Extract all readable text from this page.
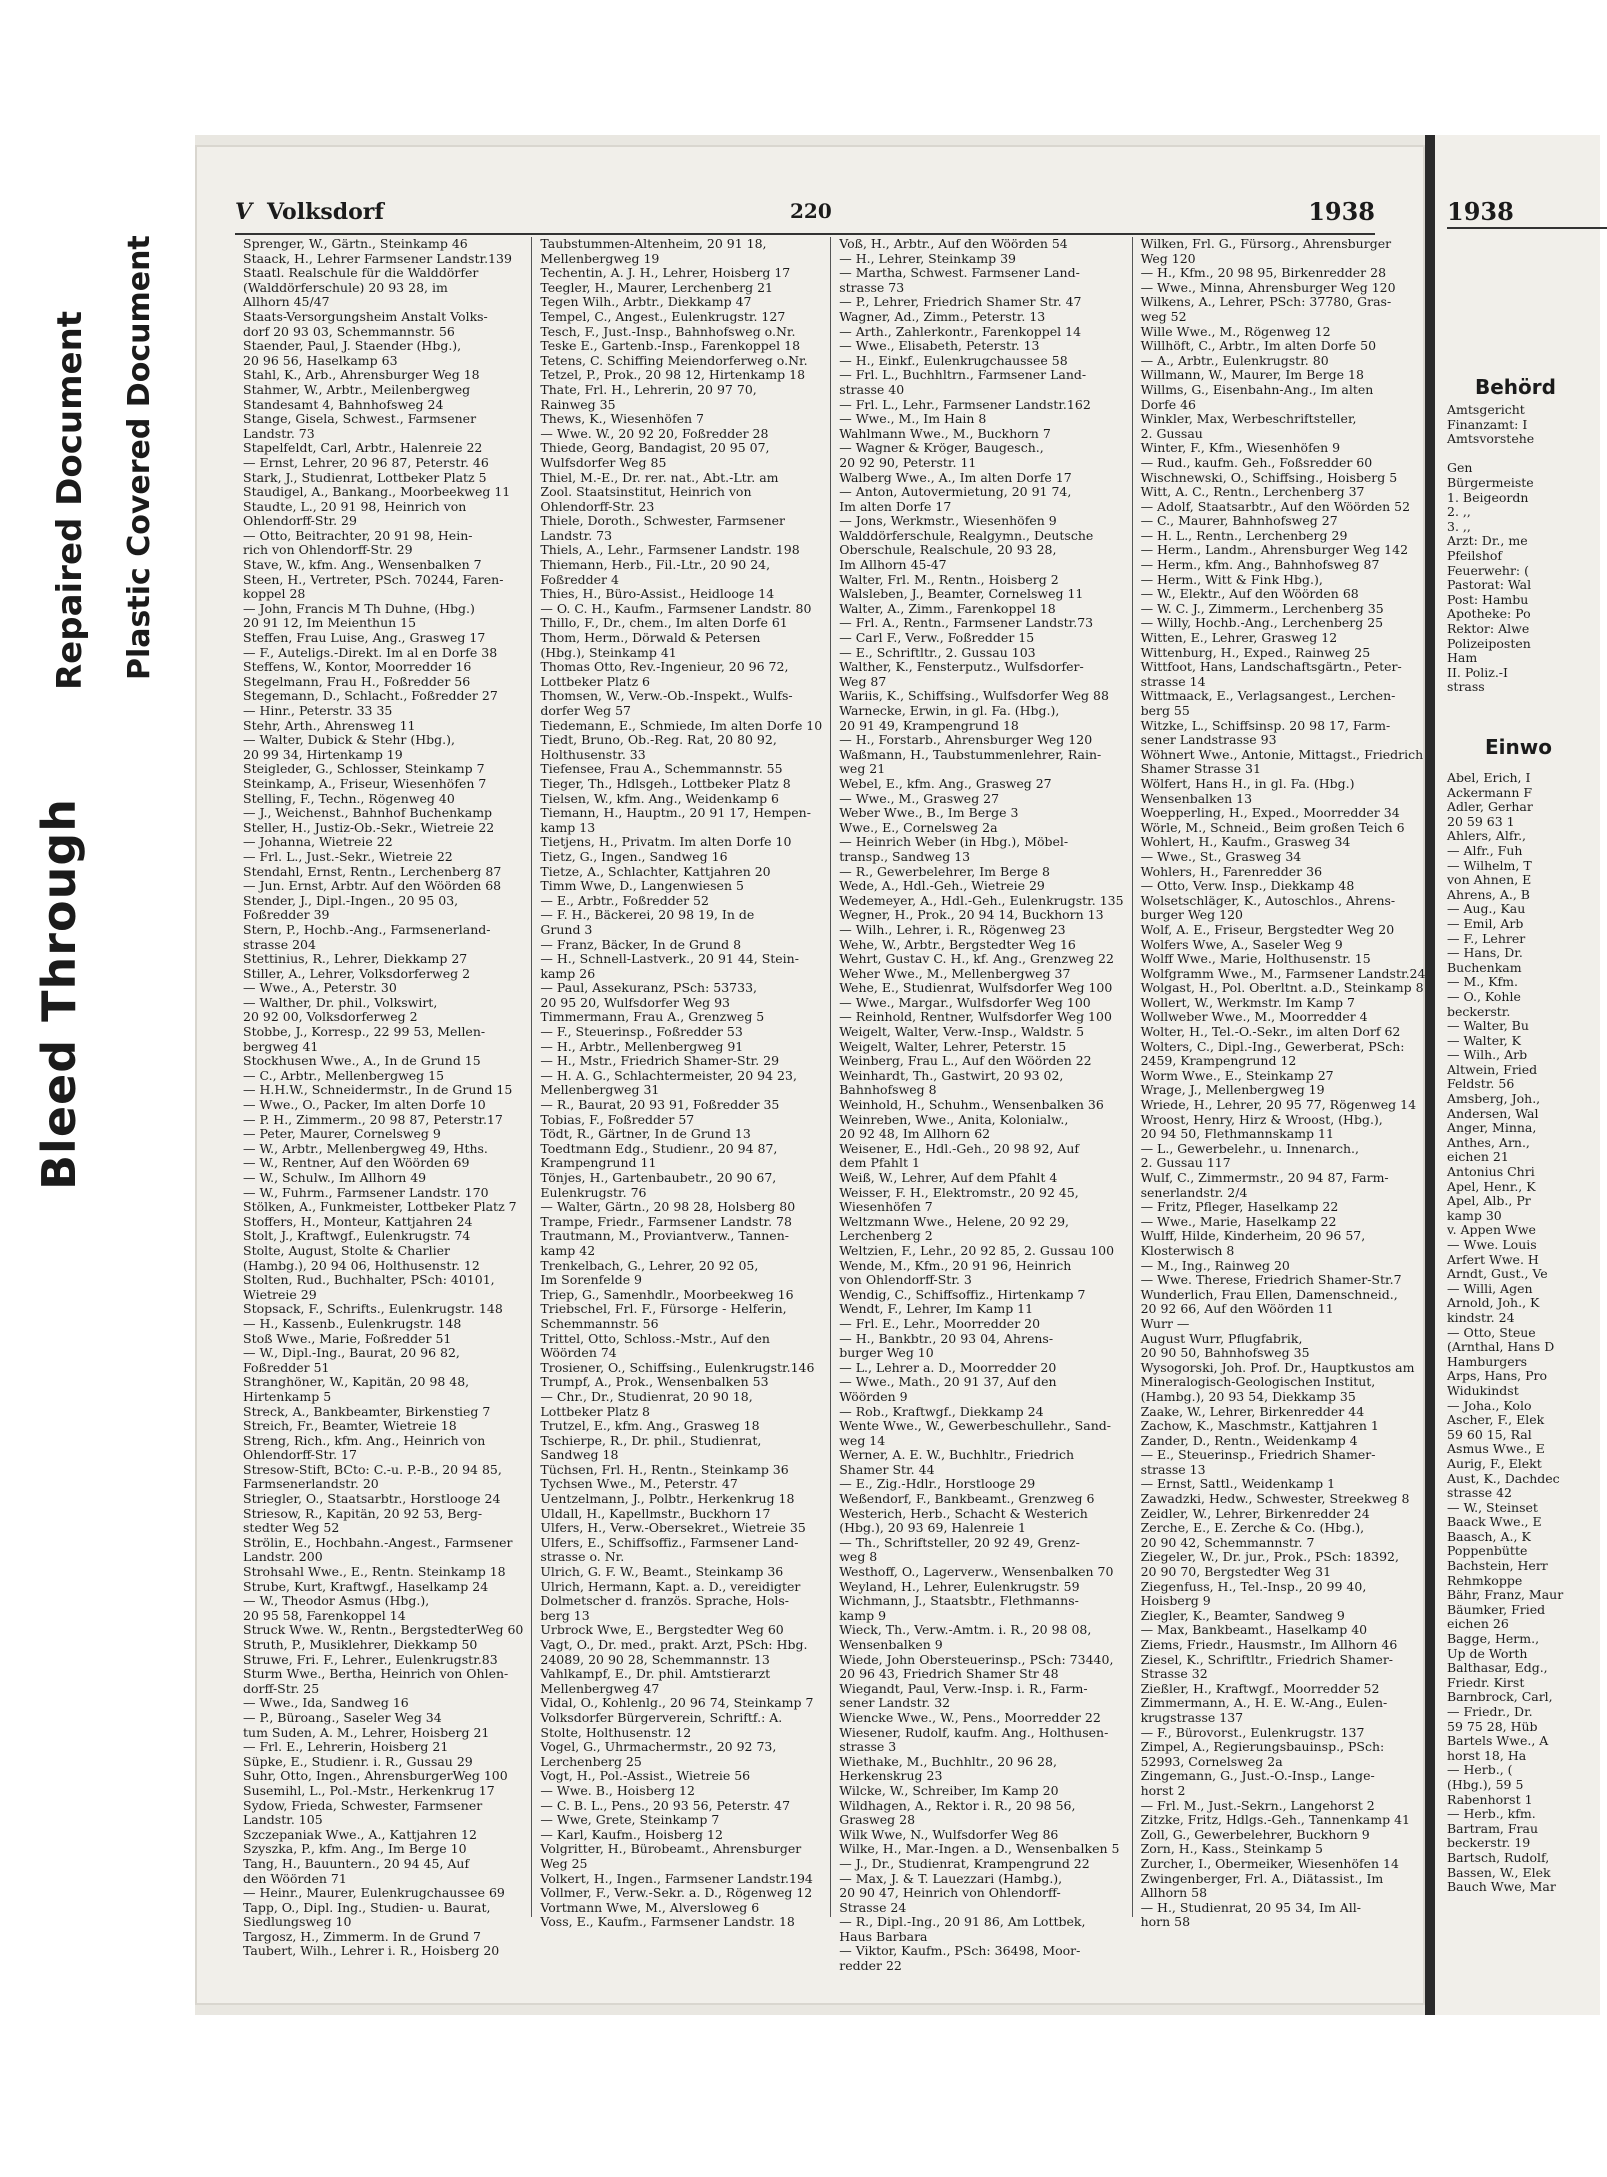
Bleed Through
Repaired Document Plastic Covered Document
V Volksdorf	220	1938
Sprenger, W., Gärtn., Steinkamp 46
Staack, H., Lehrer Farmsener Landstr.139
Staatl. Realschule für die Walddörfer
(Walddörferschule) 20 93 28, im
Allhorn 45/47
Staats-Versorgungsheim Anstalt Volks-
dorf 20 93 03, Schemmannstr. 56
Staender, Paul, J. Staender (Hbg.),
20 96 56, Haselkamp 63
Stahl, K., Arb., Ahrensburger Weg 18
Stahmer, W., Arbtr., Meilenbergweg
Standesamt 4, Bahnhofsweg 24
Stange, Gisela, Schwest., Farmsener
Landstr. 73
Stapelfeldt, Carl, Arbtr., Halenreie 22
— Ernst, Lehrer, 20 96 87, Peterstr. 46
Stark, J., Studienrat, Lottbeker Platz 5
Staudigel, A., Bankang., Moorbeekweg 11
Staudte, L., 20 91 98, Heinrich von
Ohlendorff-Str. 29
— Otto, Beitrachter, 20 91 98, Hein-
rich von Ohlendorff-Str. 29
Stave, W., kfm. Ang., Wensenbalken 7
Steen, H., Vertreter, PSch. 70244, Faren-
koppel 28
— John, Francis M Th Duhne, (Hbg.)
20 91 12, Im Meienthun 15
Steffen, Frau Luise, Ang., Grasweg 17
— F., Auteligs.-Direkt. Im al en Dorfe 38
Steffens, W., Kontor, Moorredder 16
Stegelmann, Frau H., Foßredder 56
Stegemann, D., Schlacht., Foßredder 27
— Hinr., Peterstr. 33 35
Stehr, Arth., Ahrensweg 11
— Walter, Dubick & Stehr (Hbg.),
20 99 34, Hirtenkamp 19
Steigleder, G., Schlosser, Steinkamp 7
Steinkamp, A., Friseur, Wiesenhöfen 7
Stelling, F., Techn., Rögenweg 40
— J., Weichenst., Bahnhof Buchenkamp
Steller, H., Justiz-Ob.-Sekr., Wietreie 22
— Johanna, Wietreie 22
— Frl. L., Just.-Sekr., Wietreie 22
Stendahl, Ernst, Rentn., Lerchenberg 87
— Jun. Ernst, Arbtr. Auf den Wöörden 68
Stender, J., Dipl.-Ingen., 20 95 03,
Foßredder 39
Stern, P., Hochb.-Ang., Farmsenerland-
strasse 204
Stettinius, R., Lehrer, Diekkamp 27
Stiller, A., Lehrer, Volksdorferweg 2
— Wwe., A., Peterstr. 30
— Walther, Dr. phil., Volkswirt,
20 92 00, Volksdorferweg 2
Stobbe, J., Korresp., 22 99 53, Mellen-
bergweg 41
Stockhusen Wwe., A., In de Grund 15
— C., Arbtr., Mellenbergweg 15
— H.H.W., Schneidermstr., In de Grund 15
— Wwe., O., Packer, Im alten Dorfe 10
— P. H., Zimmerm., 20 98 87, Peterstr.17
— Peter, Maurer, Cornelsweg 9
— W., Arbtr., Mellenbergweg 49, Hths.
— W., Rentner, Auf den Wöörden 69
— W., Schulw., Im Allhorn 49
— W., Fuhrm., Farmsener Landstr. 170
Stölken, A., Funkmeister, Lottbeker Platz 7
Stoffers, H., Monteur, Kattjahren 24
Stolt, J., Kraftwgf., Eulenkrugstr. 74
Stolte, August, Stolte & Charlier
(Hambg.), 20 94 06, Holthusenstr. 12
Stolten, Rud., Buchhalter, PSch: 40101,
Wietreie 29
Stopsack, F., Schrifts., Eulenkrugstr. 148
— H., Kassenb., Eulenkrugstr. 148
Stoß Wwe., Marie, Foßredder 51
— W., Dipl.-Ing., Baurat, 20 96 82,
Foßredder 51
Stranghöner, W., Kapitän, 20 98 48,
Hirtenkamp 5
Streck, A., Bankbeamter, Birkenstieg 7
Streich, Fr., Beamter, Wietreie 18
Streng, Rich., kfm. Ang., Heinrich von
Ohlendorff-Str. 17
Stresow-Stift, BCto: C.-u. P.-B., 20 94 85,
Farmsenerlandstr. 20
Striegler, O., Staatsarbtr., Horstlooge 24
Striesow, R., Kapitän, 20 92 53, Berg-
stedter Weg 52
Strölin, E., Hochbahn.-Angest., Farmsener
Landstr. 200
Strohsahl Wwe., E., Rentn. Steinkamp 18
Strube, Kurt, Kraftwgf., Haselkamp 24
— W., Theodor Asmus (Hbg.),
20 95 58, Farenkoppel 14
Struck Wwe. W., Rentn., BergstedterWeg 60
Struth, P., Musiklehrer, Diekkamp 50
Struwe, Fri. F., Lehrer., Eulenkrugstr.83
Sturm Wwe., Bertha, Heinrich von Ohlen-
dorff-Str. 25
— Wwe., Ida, Sandweg 16
— P., Büroang., Saseler Weg 34
tum Suden, A. M., Lehrer, Hoisberg 21
— Frl. E., Lehrerin, Hoisberg 21
Süpke, E., Studienr. i. R., Gussau 29
Suhr, Otto, Ingen., AhrensburgerWeg 100
Susemihl, L., Pol.-Mstr., Herkenkrug 17
Sydow, Frieda, Schwester, Farmsener
Landstr. 105
Szczepaniak Wwe., A., Kattjahren 12
Szyszka, P., kfm. Ang., Im Berge 10
Tang, H., Bauuntern., 20 94 45, Auf
den Wöörden 71
— Heinr., Maurer, Eulenkrugchaussee 69
Tapp, O., Dipl. Ing., Studien- u. Baurat,
Siedlungsweg 10
Targosz, H., Zimmerm. In de Grund 7
Taubert, Wilh., Lehrer i. R., Hoisberg 20
Taubstummen-Altenheim, 20 91 18,
Mellenbergweg 19
Techentin, A. J. H., Lehrer, Hoisberg 17
Teegler, H., Maurer, Lerchenberg 21
Tegen Wilh., Arbtr., Diekkamp 47
Tempel, C., Angest., Eulenkrugstr. 127
Tesch, F., Just.-Insp., Bahnhofsweg o.Nr.
Teske E., Gartenb.-Insp., Farenkoppel 18
Tetens, C. Schiffing Meiendorferweg o.Nr.
Tetzel, P., Prok., 20 98 12, Hirtenkamp 18
Thate, Frl. H., Lehrerin, 20 97 70,
Rainweg 35
Thews, K., Wiesenhöfen 7
— Wwe. W., 20 92 20, Foßredder 28
Thiede, Georg, Bandagist, 20 95 07,
Wulfsdorfer Weg 85
Thiel, M.-E., Dr. rer. nat., Abt.-Ltr. am
Zool. Staatsinstitut, Heinrich von
Ohlendorff-Str. 23
Thiele, Doroth., Schwester, Farmsener
Landstr. 73
Thiels, A., Lehr., Farmsener Landstr. 198
Thiemann, Herb., Fil.-Ltr., 20 90 24,
Foßredder 4
Thies, H., Büro-Assist., Heidlooge 14
— O. C. H., Kaufm., Farmsener Landstr. 80
Thillo, F., Dr., chem., Im alten Dorfe 61
Thom, Herm., Dörwald & Petersen
(Hbg.), Steinkamp 41
Thomas Otto, Rev.-Ingenieur, 20 96 72,
Lottbeker Platz 6
Thomsen, W., Verw.-Ob.-Inspekt., Wulfs-
dorfer Weg 57
Tiedemann, E., Schmiede, Im alten Dorfe 10
Tiedt, Bruno, Ob.-Reg. Rat, 20 80 92,
Holthusenstr. 33
Tiefensee, Frau A., Schemmannstr. 55
Tieger, Th., Hdlsgeh., Lottbeker Platz 8
Tielsen, W., kfm. Ang., Weidenkamp 6
Tiemann, H., Hauptm., 20 91 17, Hempen-
kamp 13
Tietjens, H., Privatm. Im alten Dorfe 10
Tietz, G., Ingen., Sandweg 16
Tietze, A., Schlachter, Kattjahren 20
Timm Wwe, D., Langenwiesen 5
— E., Arbtr., Foßredder 52
— F. H., Bäckerei, 20 98 19, In de
Grund 3
— Franz, Bäcker, In de Grund 8
— H., Schnell-Lastverk., 20 91 44, Stein-
kamp 26
— Paul, Assekuranz, PSch: 53733,
20 95 20, Wulfsdorfer Weg 93
Timmermann, Frau A., Grenzweg 5
— F., Steuerinsp., Foßredder 53
— H., Arbtr., Mellenbergweg 91
— H., Mstr., Friedrich Shamer-Str. 29
— H. A. G., Schlachtermeister, 20 94 23,
Mellenbergweg 31
— R., Baurat, 20 93 91, Foßredder 35
Tobias, F., Foßredder 57
Tödt, R., Gärtner, In de Grund 13
Toedtmann Edg., Studienr., 20 94 87,
Krampengrund 11
Tönjes, H., Gartenbaubetr., 20 90 67,
Eulenkrugstr. 76
— Walter, Gärtn., 20 98 28, Holsberg 80
Trampe, Friedr., Farmsener Landstr. 78
Trautmann, M., Proviantverw., Tannen-
kamp 42
Trenkelbach, G., Lehrer, 20 92 05,
Im Sorenfelde 9
Triep, G., Samenhdlr., Moorbeekweg 16
Triebschel, Frl. F., Fürsorge - Helferin,
Schemmannstr. 56
Trittel, Otto, Schloss.-Mstr., Auf den
Wöörden 74
Trosiener, O., Schiffsing., Eulenkrugstr.146
Trumpf, A., Prok., Wensenbalken 53
— Chr., Dr., Studienrat, 20 90 18,
Lottbeker Platz 8
Trutzel, E., kfm. Ang., Grasweg 18
Tschierpe, R., Dr. phil., Studienrat,
Sandweg 18
Tüchsen, Frl. H., Rentn., Steinkamp 36
Tychsen Wwe., M., Peterstr. 47
Uentzelmann, J., Polbtr., Herkenkrug 18
Uldall, H., Kapellmstr., Buckhorn 17
Ulfers, H., Verw.-Obersekret., Wietreie 35
Ulfers, E., Schiffsoffiz., Farmsener Land-
strasse o. Nr.
Ulrich, G. F. W., Beamt., Steinkamp 36
Ulrich, Hermann, Kapt. a. D., vereidigter
Dolmetscher d. französ. Sprache, Hols-
berg 13
Urbrock Wwe, E., Bergstedter Weg 60
Vagt, O., Dr. med., prakt. Arzt, PSch: Hbg.
24089, 20 90 28, Schemmannstr. 13
Vahlkampf, E., Dr. phil. Amtstierarzt
Mellenbergweg 47
Vidal, O., Kohlenlg., 20 96 74, Steinkamp 7
Volksdorfer Bürgerverein, Schriftf.: A.
Stolte, Holthusenstr. 12
Vogel, G., Uhrmachermstr., 20 92 73,
Lerchenberg 25
Vogt, H., Pol.-Assist., Wietreie 56
— Wwe. B., Hoisberg 12
— C. B. L., Pens., 20 93 56, Peterstr. 47
— Wwe, Grete, Steinkamp 7
— Karl, Kaufm., Hoisberg 12
Volgritter, H., Bürobeamt., Ahrensburger
Weg 25
Volkert, H., Ingen., Farmsener Landstr.194
Vollmer, F., Verw.-Sekr. a. D., Rögenweg 12
Vortmann Wwe, M., Alversloweg 6
Voss, E., Kaufm., Farmsener Landstr. 18
Voß, H., Arbtr., Auf den Wöörden 54
— H., Lehrer, Steinkamp 39
— Martha, Schwest. Farmsener Land-
strasse 73
— P., Lehrer, Friedrich Shamer Str. 47
Wagner, Ad., Zimm., Peterstr. 13
— Arth., Zahlerkontr., Farenkoppel 14
— Wwe., Elisabeth, Peterstr. 13
— H., Einkf., Eulenkrugchaussee 58
— Frl. L., Buchhltrn., Farmsener Land-
strasse 40
— Frl. L., Lehr., Farmsener Landstr.162
— Wwe., M., Im Hain 8
Wahlmann Wwe., M., Buckhorn 7
— Wagner & Kröger, Baugesch.,
20 92 90, Peterstr. 11
Walberg Wwe., A., Im alten Dorfe 17
— Anton, Autovermietung, 20 91 74,
Im alten Dorfe 17
— Jons, Werkmstr., Wiesenhöfen 9
Walddörferschule, Realgymn., Deutsche
Oberschule, Realschule, 20 93 28,
Im Allhorn 45-47
Walter, Frl. M., Rentn., Hoisberg 2
Walsleben, J., Beamter, Cornelsweg 11
Walter, A., Zimm., Farenkoppel 18
— Frl. A., Rentn., Farmsener Landstr.73
— Carl F., Verw., Foßredder 15
— E., Schriftltr., 2. Gussau 103
Walther, K., Fensterputz., Wulfsdorfer-
Weg 87
Wariis, K., Schiffsing., Wulfsdorfer Weg 88
Warnecke, Erwin, in gl. Fa. (Hbg.),
20 91 49, Krampengrund 18
— H., Forstarb., Ahrensburger Weg 120
Waßmann, H., Taubstummenlehrer, Rain-
weg 21
Webel, E., kfm. Ang., Grasweg 27
— Wwe., M., Grasweg 27
Weber Wwe., B., Im Berge 3
Wwe., E., Cornelsweg 2a
— Heinrich Weber (in Hbg.), Möbel-
transp., Sandweg 13
— R., Gewerbelehrer, Im Berge 8
Wede, A., Hdl.-Geh., Wietreie 29
Wedemeyer, A., Hdl.-Geh., Eulenkrugstr. 135
Wegner, H., Prok., 20 94 14, Buckhorn 13
— Wilh., Lehrer, i. R., Rögenweg 23
Wehe, W., Arbtr., Bergstedter Weg 16
Wehrt, Gustav C. H., kf. Ang., Grenzweg 22
Weher Wwe., M., Mellenbergweg 37
Wehe, E., Studienrat, Wulfsdorfer Weg 100
— Wwe., Margar., Wulfsdorfer Weg 100
— Reinhold, Rentner, Wulfsdorfer Weg 100
Weigelt, Walter, Verw.-Insp., Waldstr. 5
Weigelt, Walter, Lehrer, Peterstr. 15
Weinberg, Frau L., Auf den Wöörden 22
Weinhardt, Th., Gastwirt, 20 93 02,
Bahnhofsweg 8
Weinhold, H., Schuhm., Wensenbalken 36
Weinreben, Wwe., Anita, Kolonialw.,
20 92 48, Im Allhorn 62
Weisener, E., Hdl.-Geh., 20 98 92, Auf
dem Pfahlt 1
Weiß, W., Lehrer, Auf dem Pfahlt 4
Weisser, F. H., Elektromstr., 20 92 45,
Wiesenhöfen 7
Weltzmann Wwe., Helene, 20 92 29,
Lerchenberg 2
Weltzien, F., Lehr., 20 92 85, 2. Gussau 100
Wende, M., Kfm., 20 91 96, Heinrich
von Ohlendorff-Str. 3
Wendig, C., Schiffsoffiz., Hirtenkamp 7
Wendt, F., Lehrer, Im Kamp 11
— Frl. E., Lehr., Moorredder 20
— H., Bankbtr., 20 93 04, Ahrens-
burger Weg 10
— L., Lehrer a. D., Moorredder 20
— Wwe., Math., 20 91 37, Auf den
Wöörden 9
— Rob., Kraftwgf., Diekkamp 24
Wente Wwe., W., Gewerbeschullehr., Sand-
weg 14
Werner, A. E. W., Buchhltr., Friedrich
Shamer Str. 44
— E., Zig.-Hdlr., Horstlooge 29
Weßendorf, F., Bankbeamt., Grenzweg 6
Westerich, Herb., Schacht & Westerich
(Hbg.), 20 93 69, Halenreie 1
— Th., Schriftsteller, 20 92 49, Grenz-
weg 8
Westhoff, O., Lagerverw., Wensenbalken 70
Weyland, H., Lehrer, Eulenkrugstr. 59
Wichmann, J., Staatsbtr., Flethmanns-
kamp 9
Wieck, Th., Verw.-Amtm. i. R., 20 98 08,
Wensenbalken 9
Wiede, John Obersteuerinsp., PSch: 73440,
20 96 43, Friedrich Shamer Str 48
Wiegandt, Paul, Verw.-Insp. i. R., Farm-
sener Landstr. 32
Wiencke Wwe., W., Pens., Moorredder 22
Wiesener, Rudolf, kaufm. Ang., Holthusen-
strasse 3
Wiethake, M., Buchhltr., 20 96 28,
Herkenskrug 23
Wilcke, W., Schreiber, Im Kamp 20
Wildhagen, A., Rektor i. R., 20 98 56,
Grasweg 28
Wilk Wwe, N., Wulfsdorfer Weg 86
Wilke, H., Mar.-Ingen. a D., Wensenbalken 5
— J., Dr., Studienrat, Krampengrund 22
— Max, J. & T. Lauezzari (Hambg.),
20 90 47, Heinrich von Ohlendorff-
Strasse 24
— R., Dipl.-Ing., 20 91 86, Am Lottbek,
Haus Barbara
— Viktor, Kaufm., PSch: 36498, Moor-
redder 22
Wilken, Frl. G., Fürsorg., Ahrensburger
Weg 120
— H., Kfm., 20 98 95, Birkenredder 28
— Wwe., Minna, Ahrensburger Weg 120
Wilkens, A., Lehrer, PSch: 37780, Gras-
weg 52
Wille Wwe., M., Rögenweg 12
Willhöft, C., Arbtr., Im alten Dorfe 50
— A., Arbtr., Eulenkrugstr. 80
Willmann, W., Maurer, Im Berge 18
Willms, G., Eisenbahn-Ang., Im alten
Dorfe 46
Winkler, Max, Werbeschriftsteller,
2. Gussau
Winter, F., Kfm., Wiesenhöfen 9
— Rud., kaufm. Geh., Foßsredder 60
Wischnewski, O., Schiffsing., Hoisberg 5
Witt, A. C., Rentn., Lerchenberg 37
— Adolf, Staatsarbtr., Auf den Wöörden 52
— C., Maurer, Bahnhofsweg 27
— H. L., Rentn., Lerchenberg 29
— Herm., Landm., Ahrensburger Weg 142
— Herm., kfm. Ang., Bahnhofsweg 87
— Herm., Witt & Fink Hbg.),
— W., Elektr., Auf den Wöörden 68
— W. C. J., Zimmerm., Lerchenberg 35
— Willy, Hochb.-Ang., Lerchenberg 25
Witten, E., Lehrer, Grasweg 12
Wittenburg, H., Exped., Rainweg 25
Wittfoot, Hans, Landschaftsgärtn., Peter-
strasse 14
Wittmaack, E., Verlagsangest., Lerchen-
berg 55
Witzke, L., Schiffsinsp. 20 98 17, Farm-
sener Landstrasse 93
Wöhnert Wwe., Antonie, Mittagst., Friedrich
Shamer Strasse 31
Wölfert, Hans H., in gl. Fa. (Hbg.)
Wensenbalken 13
Woepperling, H., Exped., Moorredder 34
Wörle, M., Schneid., Beim großen Teich 6
Wohlert, H., Kaufm., Grasweg 34
— Wwe., St., Grasweg 34
Wohlers, H., Farenredder 36
— Otto, Verw. Insp., Diekkamp 48
Wolsetschläger, K., Autoschlos., Ahrens-
burger Weg 120
Wolf, A. E., Friseur, Bergstedter Weg 20
Wolfers Wwe, A., Saseler Weg 9
Wolff Wwe., Marie, Holthusenstr. 15
Wolfgramm Wwe., M., Farmsener Landstr.24
Wolgast, H., Pol. Oberltnt. a.D., Steinkamp 8
Wollert, W., Werkmstr. Im Kamp 7
Wollweber Wwe., M., Moorredder 4
Wolter, H., Tel.-O.-Sekr., im alten Dorf 62
Wolters, C., Dipl.-Ing., Gewerberat, PSch:
2459, Krampengrund 12
Worm Wwe., E., Steinkamp 27
Wrage, J., Mellenbergweg 19
Wriede, H., Lehrer, 20 95 77, Rögenweg 14
Wroost, Henry, Hirz & Wroost, (Hbg.),
20 94 50, Flethmannskamp 11
— L., Gewerbelehr., u. Innenarch.,
2. Gussau 117
Wulf, C., Zimmermstr., 20 94 87, Farm-
senerlandstr. 2/4
— Fritz, Pfleger, Haselkamp 22
— Wwe., Marie, Haselkamp 22
Wulff, Hilde, Kinderheim, 20 96 57,
Klosterwisch 8
— M., Ing., Rainweg 20
— Wwe. Therese, Friedrich Shamer-Str.7
Wunderlich, Frau Ellen, Damenschneid.,
20 92 66, Auf den Wöörden 11
Wurr —
August Wurr, Pflugfabrik,
20 90 50, Bahnhofsweg 35
Wysogorski, Joh. Prof. Dr., Hauptkustos am
Mineralogisch-Geologischen Institut,
(Hambg.), 20 93 54, Diekkamp 35
Zaake, W., Lehrer, Birkenredder 44
Zachow, K., Maschmstr., Kattjahren 1
Zander, D., Rentn., Weidenkamp 4
— E., Steuerinsp., Friedrich Shamer-
strasse 13
— Ernst, Sattl., Weidenkamp 1
Zawadzki, Hedw., Schwester, Streekweg 8
Zeidler, W., Lehrer, Birkenredder 24
Zerche, E., E. Zerche & Co. (Hbg.),
20 90 42, Schemmannstr. 7
Ziegeler, W., Dr. jur., Prok., PSch: 18392,
20 90 70, Bergstedter Weg 31
Ziegenfuss, H., Tel.-Insp., 20 99 40,
Hoisberg 9
Ziegler, K., Beamter, Sandweg 9
— Max, Bankbeamt., Haselkamp 40
Ziems, Friedr., Hausmstr., Im Allhorn 46
Ziesel, K., Schriftltr., Friedrich Shamer-
Strasse 32
Zießler, H., Kraftwgf., Moorredder 52
Zimmermann, A., H. E. W.-Ang., Eulen-
krugstrasse 137
— F., Bürovorst., Eulenkrugstr. 137
Zimpel, A., Regierungsbauinsp., PSch:
52993, Cornelsweg 2a
Zingemann, G., Just.-O.-Insp., Lange-
horst 2
— Frl. M., Just.-Sekrn., Langehorst 2
Zitzke, Fritz, Hdlgs.-Geh., Tannenkamp 41
Zoll, G., Gewerbelehrer, Buckhorn 9
Zorn, H., Kass., Steinkamp 5
Zurcher, I., Obermeiker, Wiesenhöfen 14
Zwingenberger, Frl. A., Diätassist., Im
Allhorn 58
— H., Studienrat, 20 95 34, Im All-
horn 58
1938
Behörd
Amtsgericht
Finanzamt: I
Amtsvorstehe

Gen
Bürgermeiste
1. Beigeordn
2. ,,
3. ,,
Arzt: Dr., me
Pfeilshof
Feuerwehr: (
Pastorat: Wal
Post: Hambu
Apotheke: Po
Rektor: Alwe
Polizeiposten
Ham
II. Poliz.-I
strass
Einwo
Abel, Erich, I
Ackermann F
Adler, Gerhar
20 59 63 1
Ahlers, Alfr.,
— Alfr., Fuh
— Wilhelm, T
von Ahnen, E
Ahrens, A., B
— Aug., Kau
— Emil, Arb
— F., Lehrer
— Hans, Dr.
Buchenkam
— M., Kfm.
— O., Kohle
beckerstr.
— Walter, Bu
— Walter, K
— Wilh., Arb
Altwein, Fried
Feldstr. 56
Amsberg, Joh.,
Andersen, Wal
Anger, Minna,
Anthes, Arn.,
eichen 21
Antonius Chri
Apel, Henr., K
Apel, Alb., Pr
kamp 30
v. Appen Wwe
— Wwe. Louis
Arfert Wwe. H
Arndt, Gust., Ve
— Willi, Agen
Arnold, Joh., K
kindstr. 24
— Otto, Steue
(Arnthal, Hans D
Hamburgers
Arps, Hans, Pro
Widukindst
— Joha., Kolo
Ascher, F., Elek
59 60 15, Ral
Asmus Wwe., E
Aurig, F., Elekt
Aust, K., Dachdec
strasse 42
— W., Steinset
Baack Wwe., E
Baasch, A., K
Poppenbütte
Bachstein, Herr
Rehmkoppe
Bähr, Franz, Maur
Bäumker, Fried
eichen 26
Bagge, Herm.,
Up de Worth
Balthasar, Edg.,
Friedr. Kirst
Barnbrock, Carl,
— Friedr., Dr.
59 75 28, Hüb
Bartels Wwe., A
horst 18, Ha
— Herb., (
(Hbg.), 59 5
Rabenhorst 1
— Herb., kfm.
Bartram, Frau
beckerstr. 19
Bartsch, Rudolf,
Bassen, W., Elek
Bauch Wwe, Mar
